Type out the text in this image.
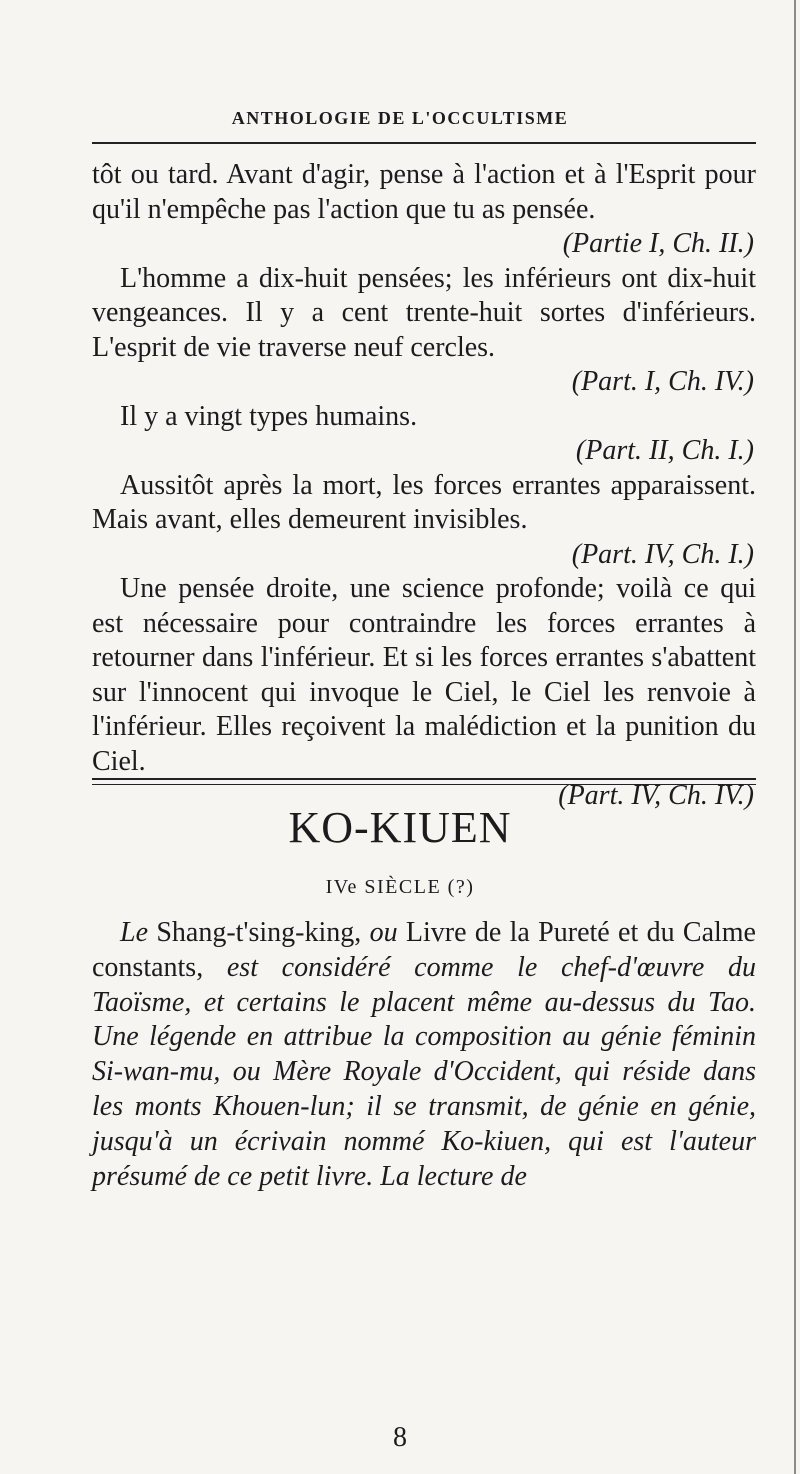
ANTHOLOGIE DE L'OCCULTISME

tôt ou tard. Avant d'agir, pense à l'action et à l'Esprit pour qu'il n'empêche pas l'action que tu as pensée.

(Partie I, Ch. II.)

L'homme a dix-huit pensées; les inférieurs ont dix-huit vengeances. Il y a cent trente-huit sortes d'inférieurs. L'esprit de vie traverse neuf cercles.

(Part. I, Ch. IV.)

Il y a vingt types humains.

(Part. II, Ch. I.)

Aussitôt après la mort, les forces errantes apparaissent. Mais avant, elles demeurent invisibles.

(Part. IV, Ch. I.)

Une pensée droite, une science profonde; voilà ce qui est nécessaire pour contraindre les forces errantes à retourner dans l'inférieur. Et si les forces errantes s'abattent sur l'innocent qui invoque le Ciel, le Ciel les renvoie à l'inférieur. Elles reçoivent la malédiction et la punition du Ciel.

(Part. IV, Ch. IV.)

KO-KIUEN
IVe SIÈCLE (?)
Le Shang-t'sing-king, ou Livre de la Pureté et du Calme constants, est considéré comme le chef-d'œuvre du Taoïsme, et certains le placent même au-dessus du Tao. Une légende en attribue la composition au génie féminin Si-wan-mu, ou Mère Royale d'Occident, qui réside dans les monts Khouen-lun; il se transmit, de génie en génie, jusqu'à un écrivain nommé Ko-kiuen, qui est l'auteur présumé de ce petit livre. La lecture de
8
